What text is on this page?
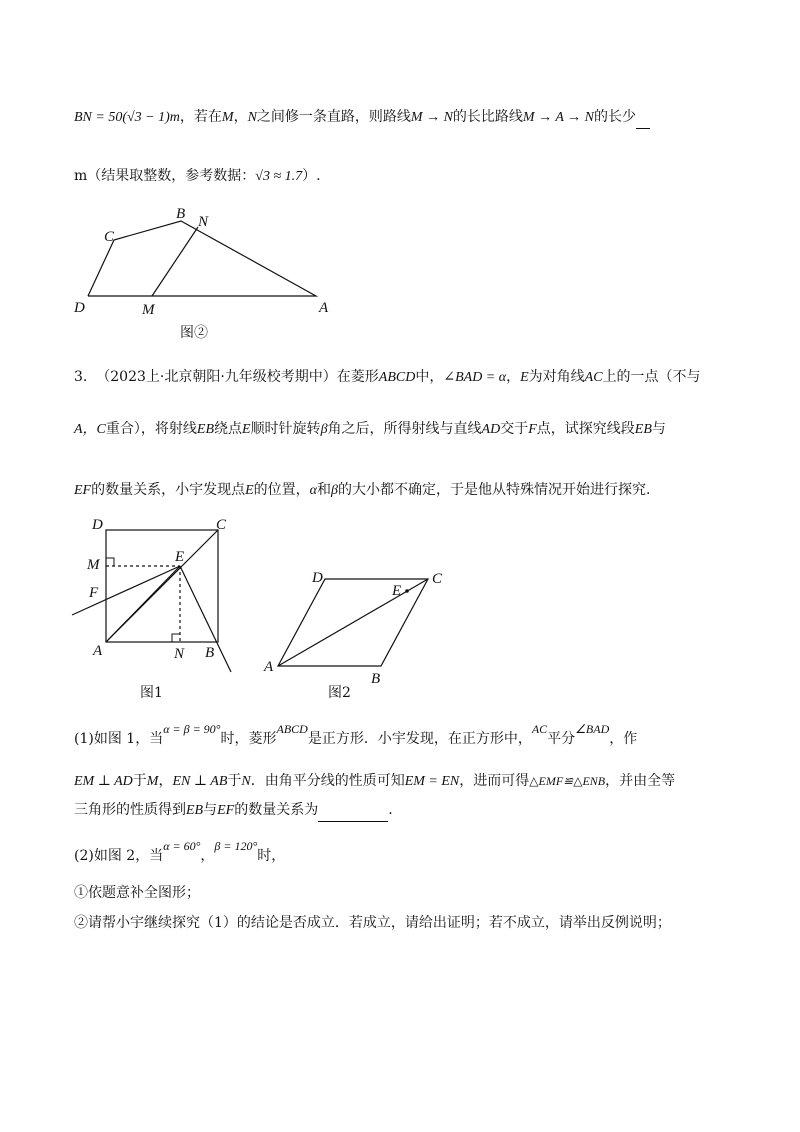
BN = 50(√3 − 1)m，若在M，N之间修一条直路，则路线M → N的长比路线M → A → N的长少
m（结果取整数，参考数据：√3 ≈ 1.7）.
D
C
B N
M	A
图②
3. （2023上·北京朝阳·九年级校考期中）在菱形ABCD中，∠BAD = α，E为对角线AC上的一点（不与
A，C重合），将射线EB绕点E顺时针旋转β角之后，所得射线与直线AD交于F点，试探究线段EB与
EF的数量关系，小宇发现点E的位置，α和β的大小都不确定，于是他从特殊情况开始进行探究.
D	C
M	E
F
A	N B
图1
D	C
E
A
B
图2
(1)如图 1，当α = β = 90°时，菱形ABCD是正方形．小宇发现，在正方形中，AC平分∠BAD，作
EM ⊥ AD于M，EN ⊥ AB于N．由角平分线的性质可知EM = EN，进而可得△EMF≌△ENB，并由全等
三角形的性质得到EB与EF的数量关系为	.
(2)如图 2，当α = 60°，β = 120°时，
①依题意补全图形；
②请帮小宇继续探究（1）的结论是否成立．若成立，请给出证明；若不成立，请举出反例说明；
